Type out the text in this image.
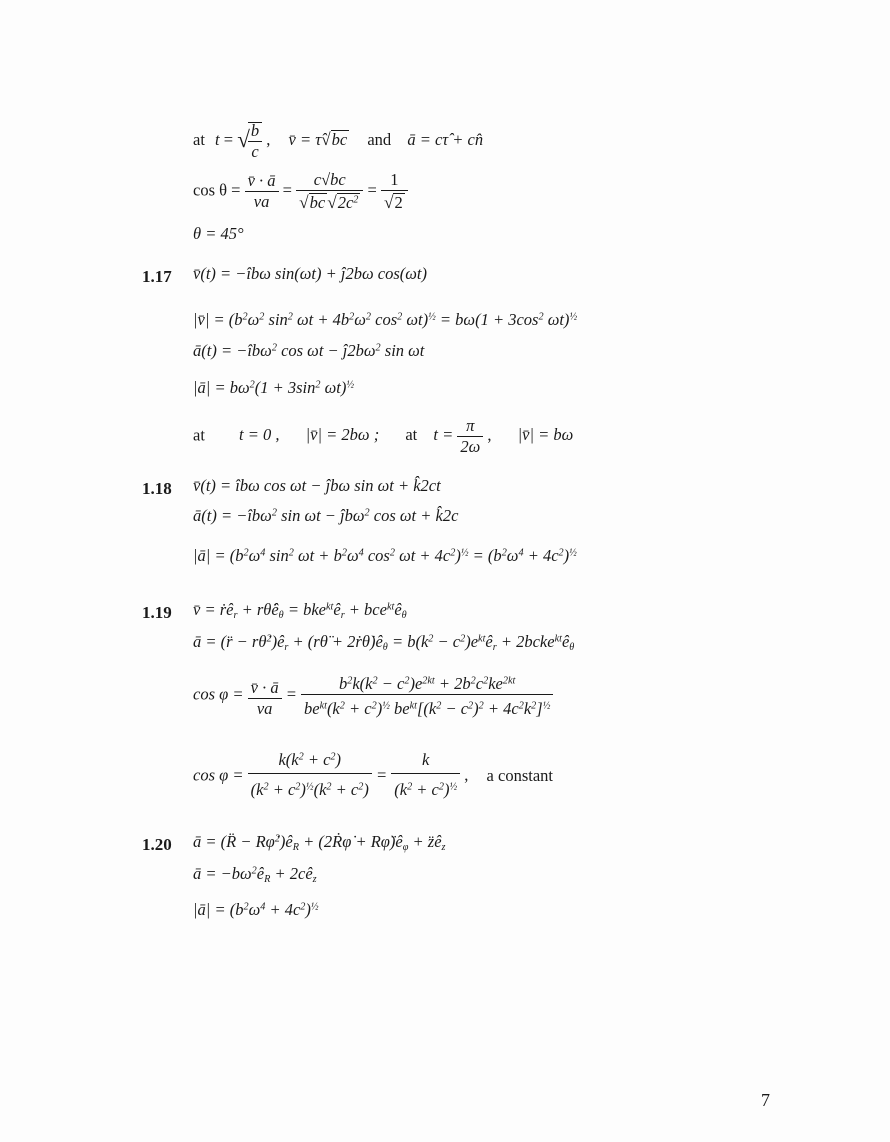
at t = √
$\frac{b}{c}$ , v̄ = τ̂√bc and ā = cτ̂ + cn̂
$\cos \theta = \frac{v̄ \cdot ā}{va} = \frac{c√bc}{√bc √2c^2} = \frac{1}{√2}$
θ = 45°
1.17 v̄(t) = −îbω sin(ωt) + ĵ2bω cos(ωt)
|v̄| = ($b^2\omega^2$ $\sin^2 \omega t + 4b^2\omega^2$ $\cos^2 \omega t)^{\frac{1}{2}} = b\omega(1 + 3\cos^2$ ωt)$^{\frac{1}{2}}$
ā(t) = −îbω$^2$ $\cos \omega t - ĵ2b\omega^2$ sin ωt
|ā| = $b\omega^2(1 + 3\sin^2$ ωt)$^{\frac{1}{2}}$
at t = 0 , |v̄| = 2bω ; at $t = \frac{\pi}{2\omega}$ , |v̄| = bω
1.18 v̄(t) = îbω cos ωt − ĵbω sin ωt + k̂2ct
ā(t) = −îbω$^2$ sin ωt − ĵbω$^2$ cos ωt + k̂2c
|ā| = ($b^2\omega^4$ $\sin^2 \omega t + b^2\omega^4$ $\cos^2 \omega t + 4c^2)^{\frac{1}{2}} = (b^2\omega^4 + 4c^2)^{\frac{1}{2}}$
1.19 v̄ = ṙê$_r$ + $r\thetȧê_\theta$ = $bke^{kt}ê_r$ + $bce^{kt}ê_\theta$
ā = (r̈ − $r\thetȧ^2)ê_r$ + (rθ̈ + $2ṙ\thetȧ)ê_\theta = b(k^2$ − $c^2)e^{kt}ê_r$ + $2bcke^{kt}ê_\theta$
$\cos \varphi = \frac{v̄ \cdot ā}{va} = \frac{b^2k(k^2 - c^2)e^{2kt} + 2b^2c^2ke^{2kt}}{be^{kt}(k^2 + c^2)^{\frac{1}{2}} be^{kt}[(k^2 - c^2)^2 + 4c^2k^2]^{\frac{1}{2}}}$
$\cos \varphi = \frac{k(k^2 + c^2)}{(k^2 + c^2)^{\frac{1}{2}}(k^2 + c^2)} = \frac{k}{(k^2 + c^2)^{\frac{1}{2}}}$ , a constant
1.20 ā = (R̈ − $R\varphi̇^2)ê_R$ + (2Ṙφ̇ + $R\varphï)ê_\varphi$ + $z̈ê_z$
ā = $-b\omega^2ê_R$ + $2cê_z$
|ā| = $(b^2\omega^4 + 4c^2)^{\frac{1}{2}}$
7
